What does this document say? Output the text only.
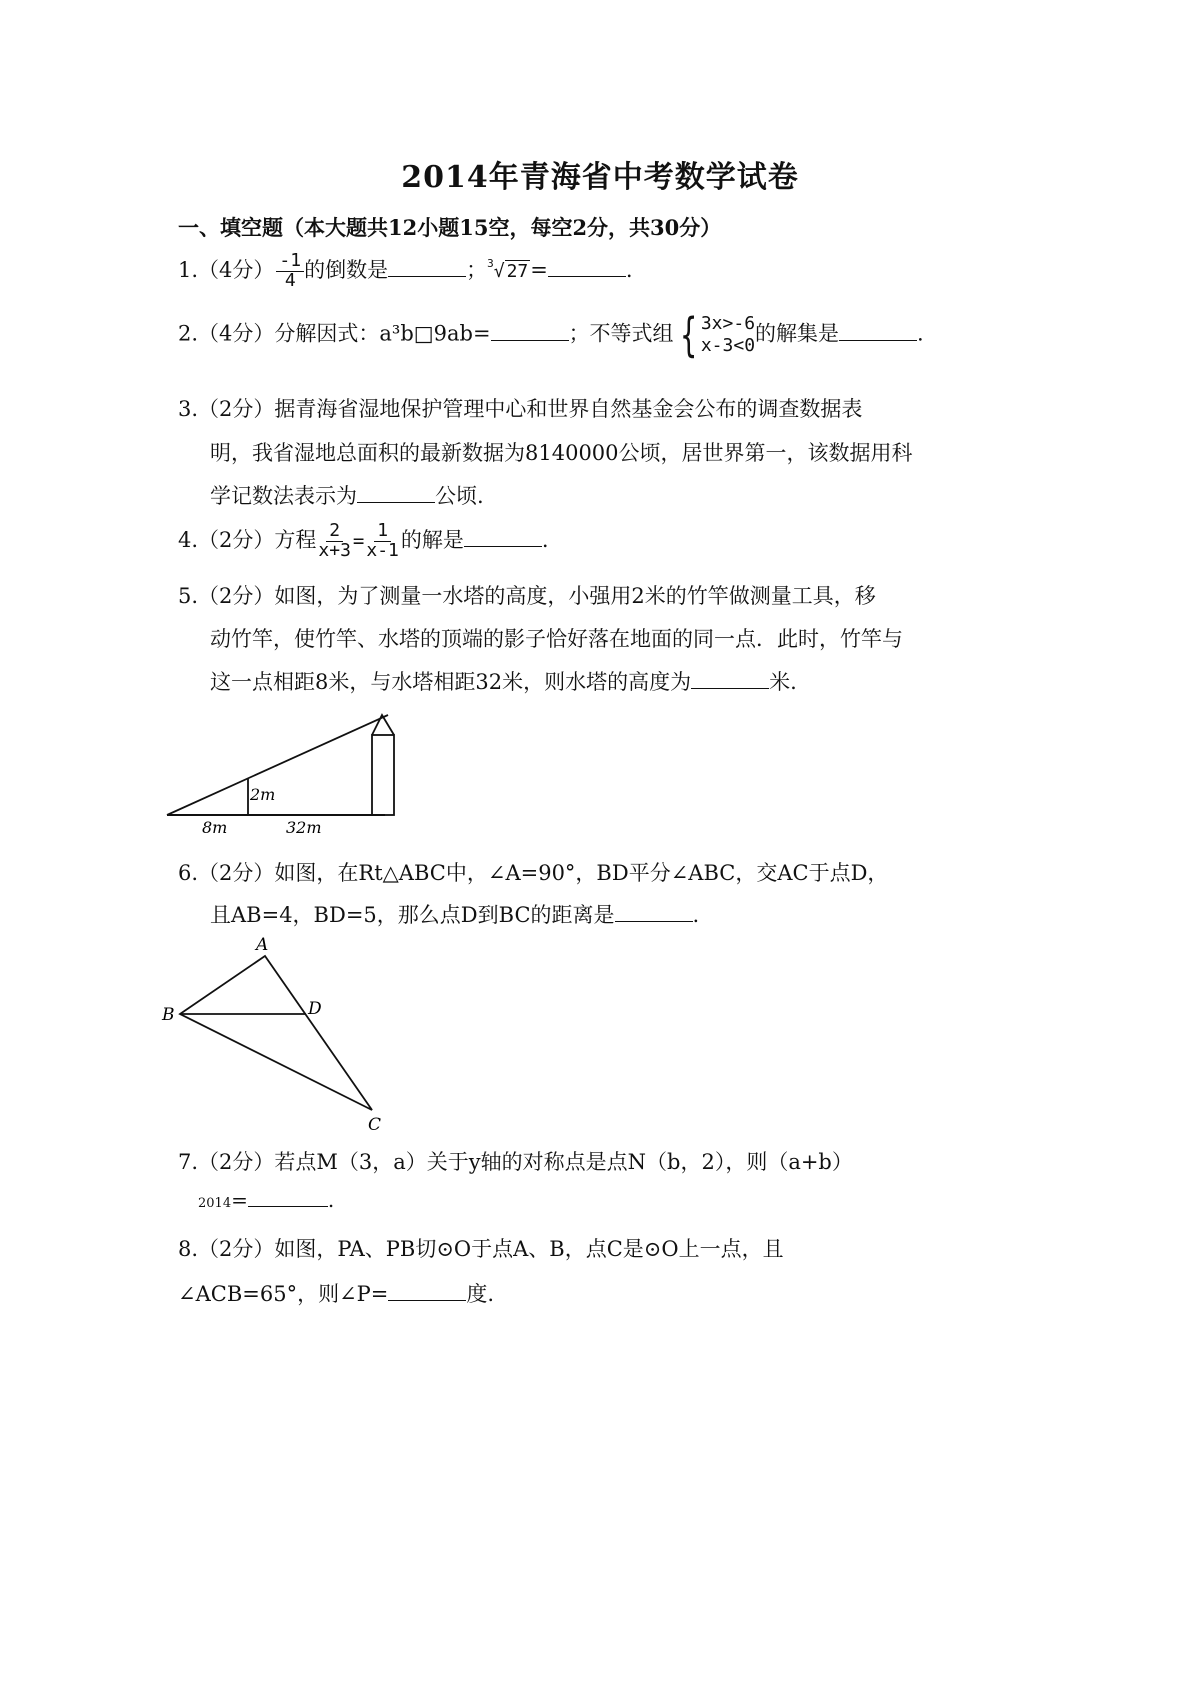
2014年青海省中考数学试卷
一、填空题（本大题共12小题15空，每空2分，共30分）
1.（4分） $\frac{-1}{4}$ 的倒数是	；$^3$√ 27=	.
2.（4分）分解因式：a³b□9ab=	；不等式组 { 3x>-6
x-3<0 的解集是	.
3.（2分）据青海省湿地保护管理中心和世界自然基金会公布的调查数据表
明，我省湿地总面积的最新数据为8140000公顷，居世界第一，该数据用科
学记数法表示为	公顷.
4.（2分）方程 $\frac{2}{x+3} = \frac{1}{x-1}$ 的解是	.
5.（2分）如图，为了测量一水塔的高度，小强用2米的竹竿做测量工具，移
动竹竿，使竹竿、水塔的顶端的影子恰好落在地面的同一点．此时，竹竿与
这一点相距8米，与水塔相距32米，则水塔的高度为	米.
2m
8m	32m
6.（2分）如图，在Rt△ABC中，∠A=90°，BD平分∠ABC，交AC于点D，
且AB=4，BD=5，那么点D到BC的距离是	.
A
B
C
D
7.（2分）若点M（3，a）关于y轴的对称点是点N（b，2），则（a+b）
2014=	.
8.（2分）如图，PA、PB切⊙O于点A、B，点C是⊙O上一点，且
∠ACB=65°，则∠P=	度.
